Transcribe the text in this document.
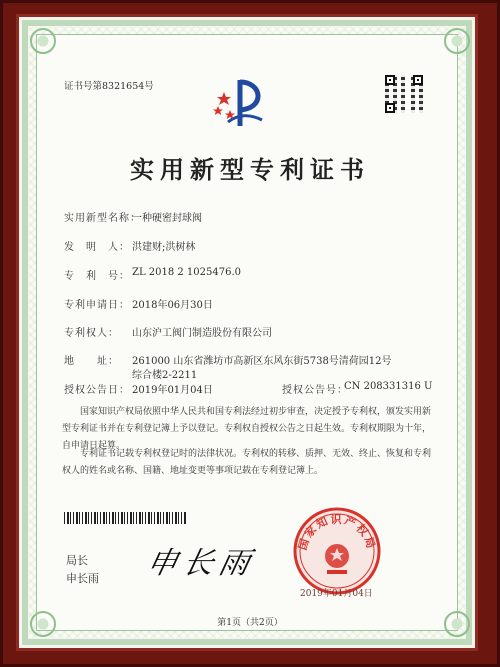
证书号第8321654号
实用新型专利证书
实用新型名称：
一种硬密封球阀
发　明　人： 洪建财;洪树林
专　利　号： ZL 2018 2 1025476.0
专利申请日： 2018年06月30日
专利权人： 山东沪工阀门制造股份有限公司
地　　址： 261000 山东省潍坊市高新区东风东街5738号清荷园12号
综合楼2-2211
授权公告日： 2019年01月04日	授权公告号：
CN 208331316 U
国家知识产权局依照中华人民共和国专利法经过初步审查，决定授予专利权，颁发实用新型专利证书并在专利登记簿上予以登记。专利权自授权公告之日起生效。专利权期限为十年，自申请日起算。
专利证书记载专利权登记时的法律状况。专利权的转移、质押、无效、终止、恢复和专利权人的姓名或名称、国籍、地址变更等事项记载在专利登记簿上。
局长
申长雨 申长雨
国家知识产权局
2019年01月04日
第1页（共2页）
